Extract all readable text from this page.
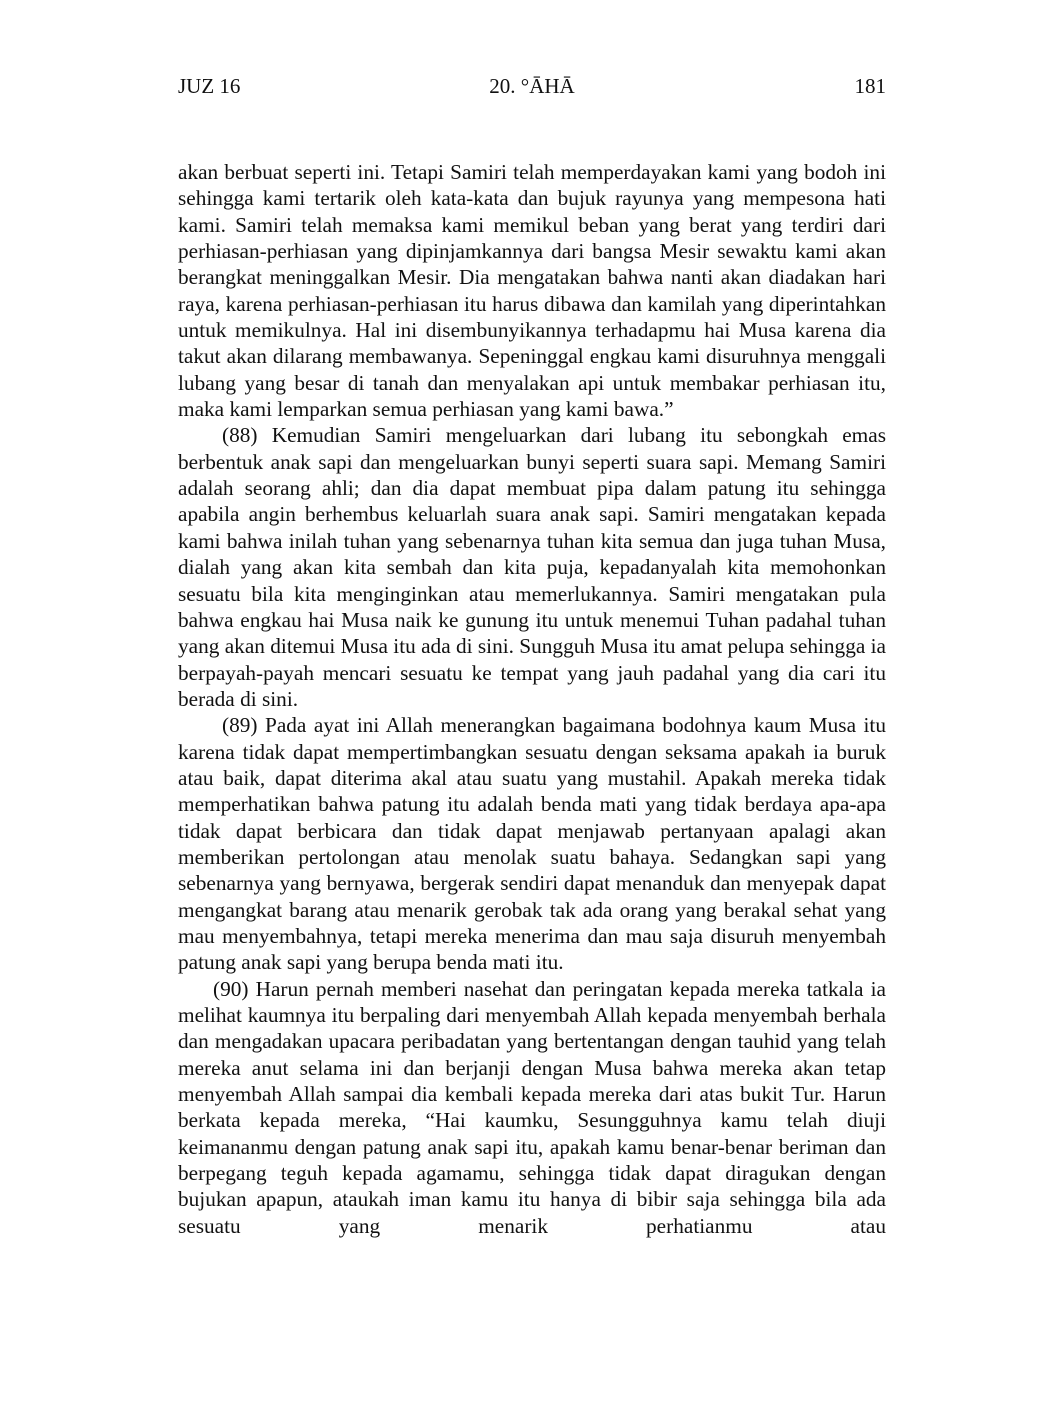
JUZ 16	20. °ĀHĀ	181

akan berbuat seperti ini. Tetapi Samiri telah memperdayakan kami yang bodoh ini sehingga kami tertarik oleh kata-kata dan bujuk rayunya yang mempesona hati kami. Samiri telah memaksa kami memikul beban yang berat yang terdiri dari perhiasan-perhiasan yang dipinjamkannya dari bangsa Mesir sewaktu kami akan berangkat meninggalkan Mesir. Dia mengatakan bahwa nanti akan diadakan hari raya, karena perhiasan-perhiasan itu harus dibawa dan kamilah yang diperintahkan untuk memikulnya. Hal ini disembunyikannya terhadapmu hai Musa karena dia takut akan dilarang membawanya. Sepeninggal engkau kami disuruhnya menggali lubang yang besar di tanah dan menyalakan api untuk membakar perhiasan itu, maka kami lemparkan semua perhiasan yang kami bawa.”

(88) Kemudian Samiri mengeluarkan dari lubang itu sebongkah emas berbentuk anak sapi dan mengeluarkan bunyi seperti suara sapi. Memang Samiri adalah seorang ahli; dan dia dapat membuat pipa dalam patung itu sehingga apabila angin berhembus keluarlah suara anak sapi. Samiri mengatakan kepada kami bahwa inilah tuhan yang sebenarnya tuhan kita semua dan juga tuhan Musa, dialah yang akan kita sembah dan kita puja, kepadanyalah kita memohonkan sesuatu bila kita menginginkan atau memerlukannya. Samiri mengatakan pula bahwa engkau hai Musa naik ke gunung itu untuk menemui Tuhan padahal tuhan yang akan ditemui Musa itu ada di sini. Sungguh Musa itu amat pelupa sehingga ia berpayah-payah mencari sesuatu ke tempat yang jauh padahal yang dia cari itu berada di sini.

(89) Pada ayat ini Allah menerangkan bagaimana bodohnya kaum Musa itu karena tidak dapat mempertimbangkan sesuatu dengan seksama apakah ia buruk atau baik, dapat diterima akal atau suatu yang mustahil. Apakah mereka tidak memperhatikan bahwa patung itu adalah benda mati yang tidak berdaya apa-apa tidak dapat berbicara dan tidak dapat menjawab pertanyaan apalagi akan memberikan pertolongan atau menolak suatu bahaya. Sedangkan sapi yang sebenarnya yang bernyawa, bergerak sendiri dapat menanduk dan menyepak dapat mengangkat barang atau menarik gerobak tak ada orang yang berakal sehat yang mau menyembahnya, tetapi mereka menerima dan mau saja disuruh menyembah patung anak sapi yang berupa benda mati itu.

(90) Harun pernah memberi nasehat dan peringatan kepada mereka tatkala ia melihat kaumnya itu berpaling dari menyembah Allah kepada menyembah berhala dan mengadakan upacara peribadatan yang bertentangan dengan tauhid yang telah mereka anut selama ini dan berjanji dengan Musa bahwa mereka akan tetap menyembah Allah sampai dia kembali kepada mereka dari atas bukit Tur. Harun berkata kepada mereka, “Hai kaumku, Sesungguhnya kamu telah diuji keimananmu dengan patung anak sapi itu, apakah kamu benar-benar beriman dan berpegang teguh kepada agamamu, sehingga tidak dapat diragukan dengan bujukan apapun, ataukah iman kamu itu hanya di bibir saja sehingga bila ada sesuatu yang menarik perhatianmu atau
